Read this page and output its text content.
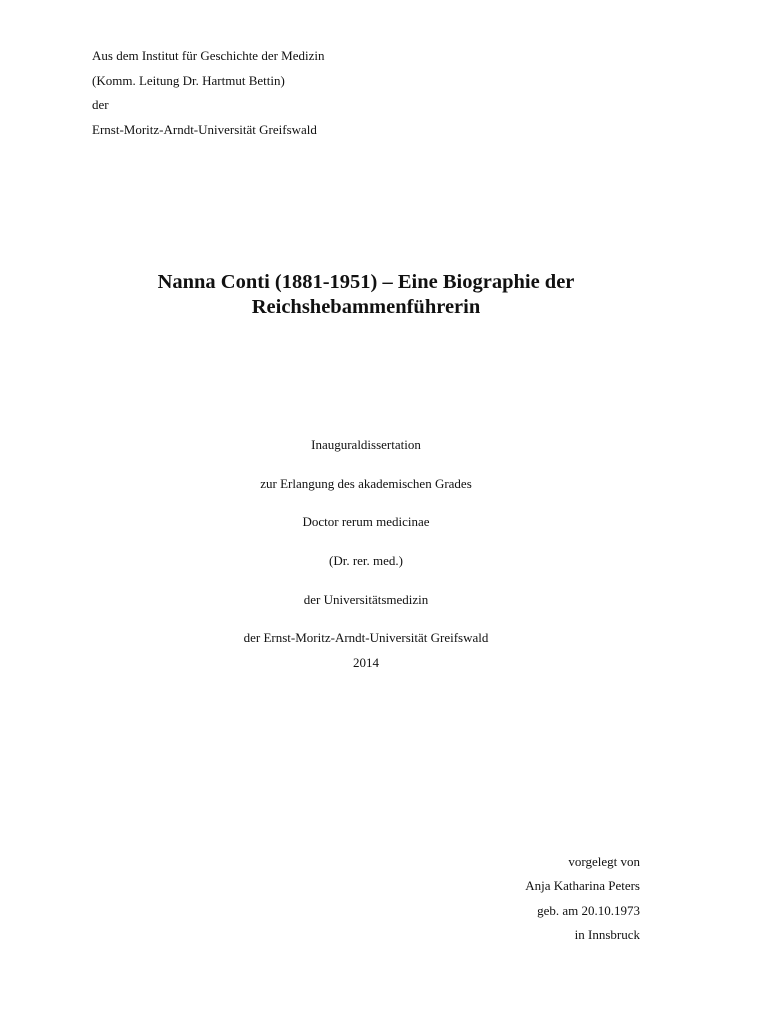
Aus dem Institut für Geschichte der Medizin
(Komm. Leitung Dr. Hartmut Bettin)
der
Ernst-Moritz-Arndt-Universität Greifswald
Nanna Conti (1881-1951) – Eine Biographie der
Reichshebammenführerin
Inauguraldissertation
zur Erlangung des akademischen Grades
Doctor rerum medicinae
(Dr. rer. med.)
der Universitätsmedizin
der Ernst-Moritz-Arndt-Universität Greifswald
2014
vorgelegt von
Anja Katharina Peters
geb. am 20.10.1973
in Innsbruck
